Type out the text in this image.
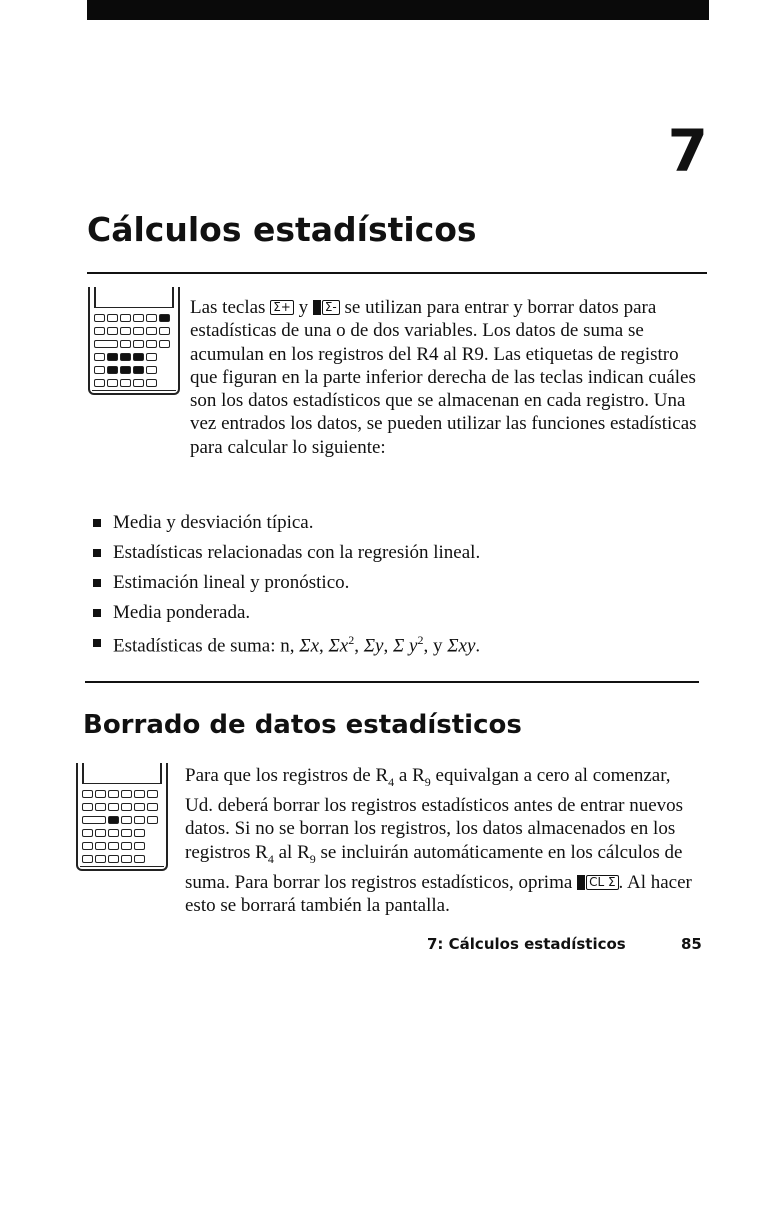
7
Cálculos estadísticos

Las teclas Σ+ y Σ- se utilizan para entrar y borrar datos para estadísticas de una o de dos variables. Los datos de suma se acumulan en los registros del R4 al R9. Las etiquetas de registro que figuran en la parte inferior derecha de las teclas indican cuáles son los datos estadísticos que se almacenan en cada registro. Una vez entrados los datos, se pueden utilizar las funciones estadísticas para calcular lo siguiente:

Media y desviación típica.
Estadísticas relacionadas con la regresión lineal.
Estimación lineal y pronóstico.
Media ponderada.
Estadísticas de suma: n, Σx, $\Sigma x^2$, Σy, Σ $y^2$, y Σxy.
Borrado de datos estadísticos

Para que los registros de $R_4$ a $R_9$ equivalgan a cero al comenzar, Ud. deberá borrar los registros estadísticos antes de entrar nuevos datos. Si no se borran los registros, los datos almacenados en los registros $R_4$ al $R_9$ se incluirán automáticamente en los cálculos de suma. Para borrar los registros estadísticos, oprima CL Σ . Al hacer esto se borrará también la pantalla.

7: Cálculos estadísticos	85
